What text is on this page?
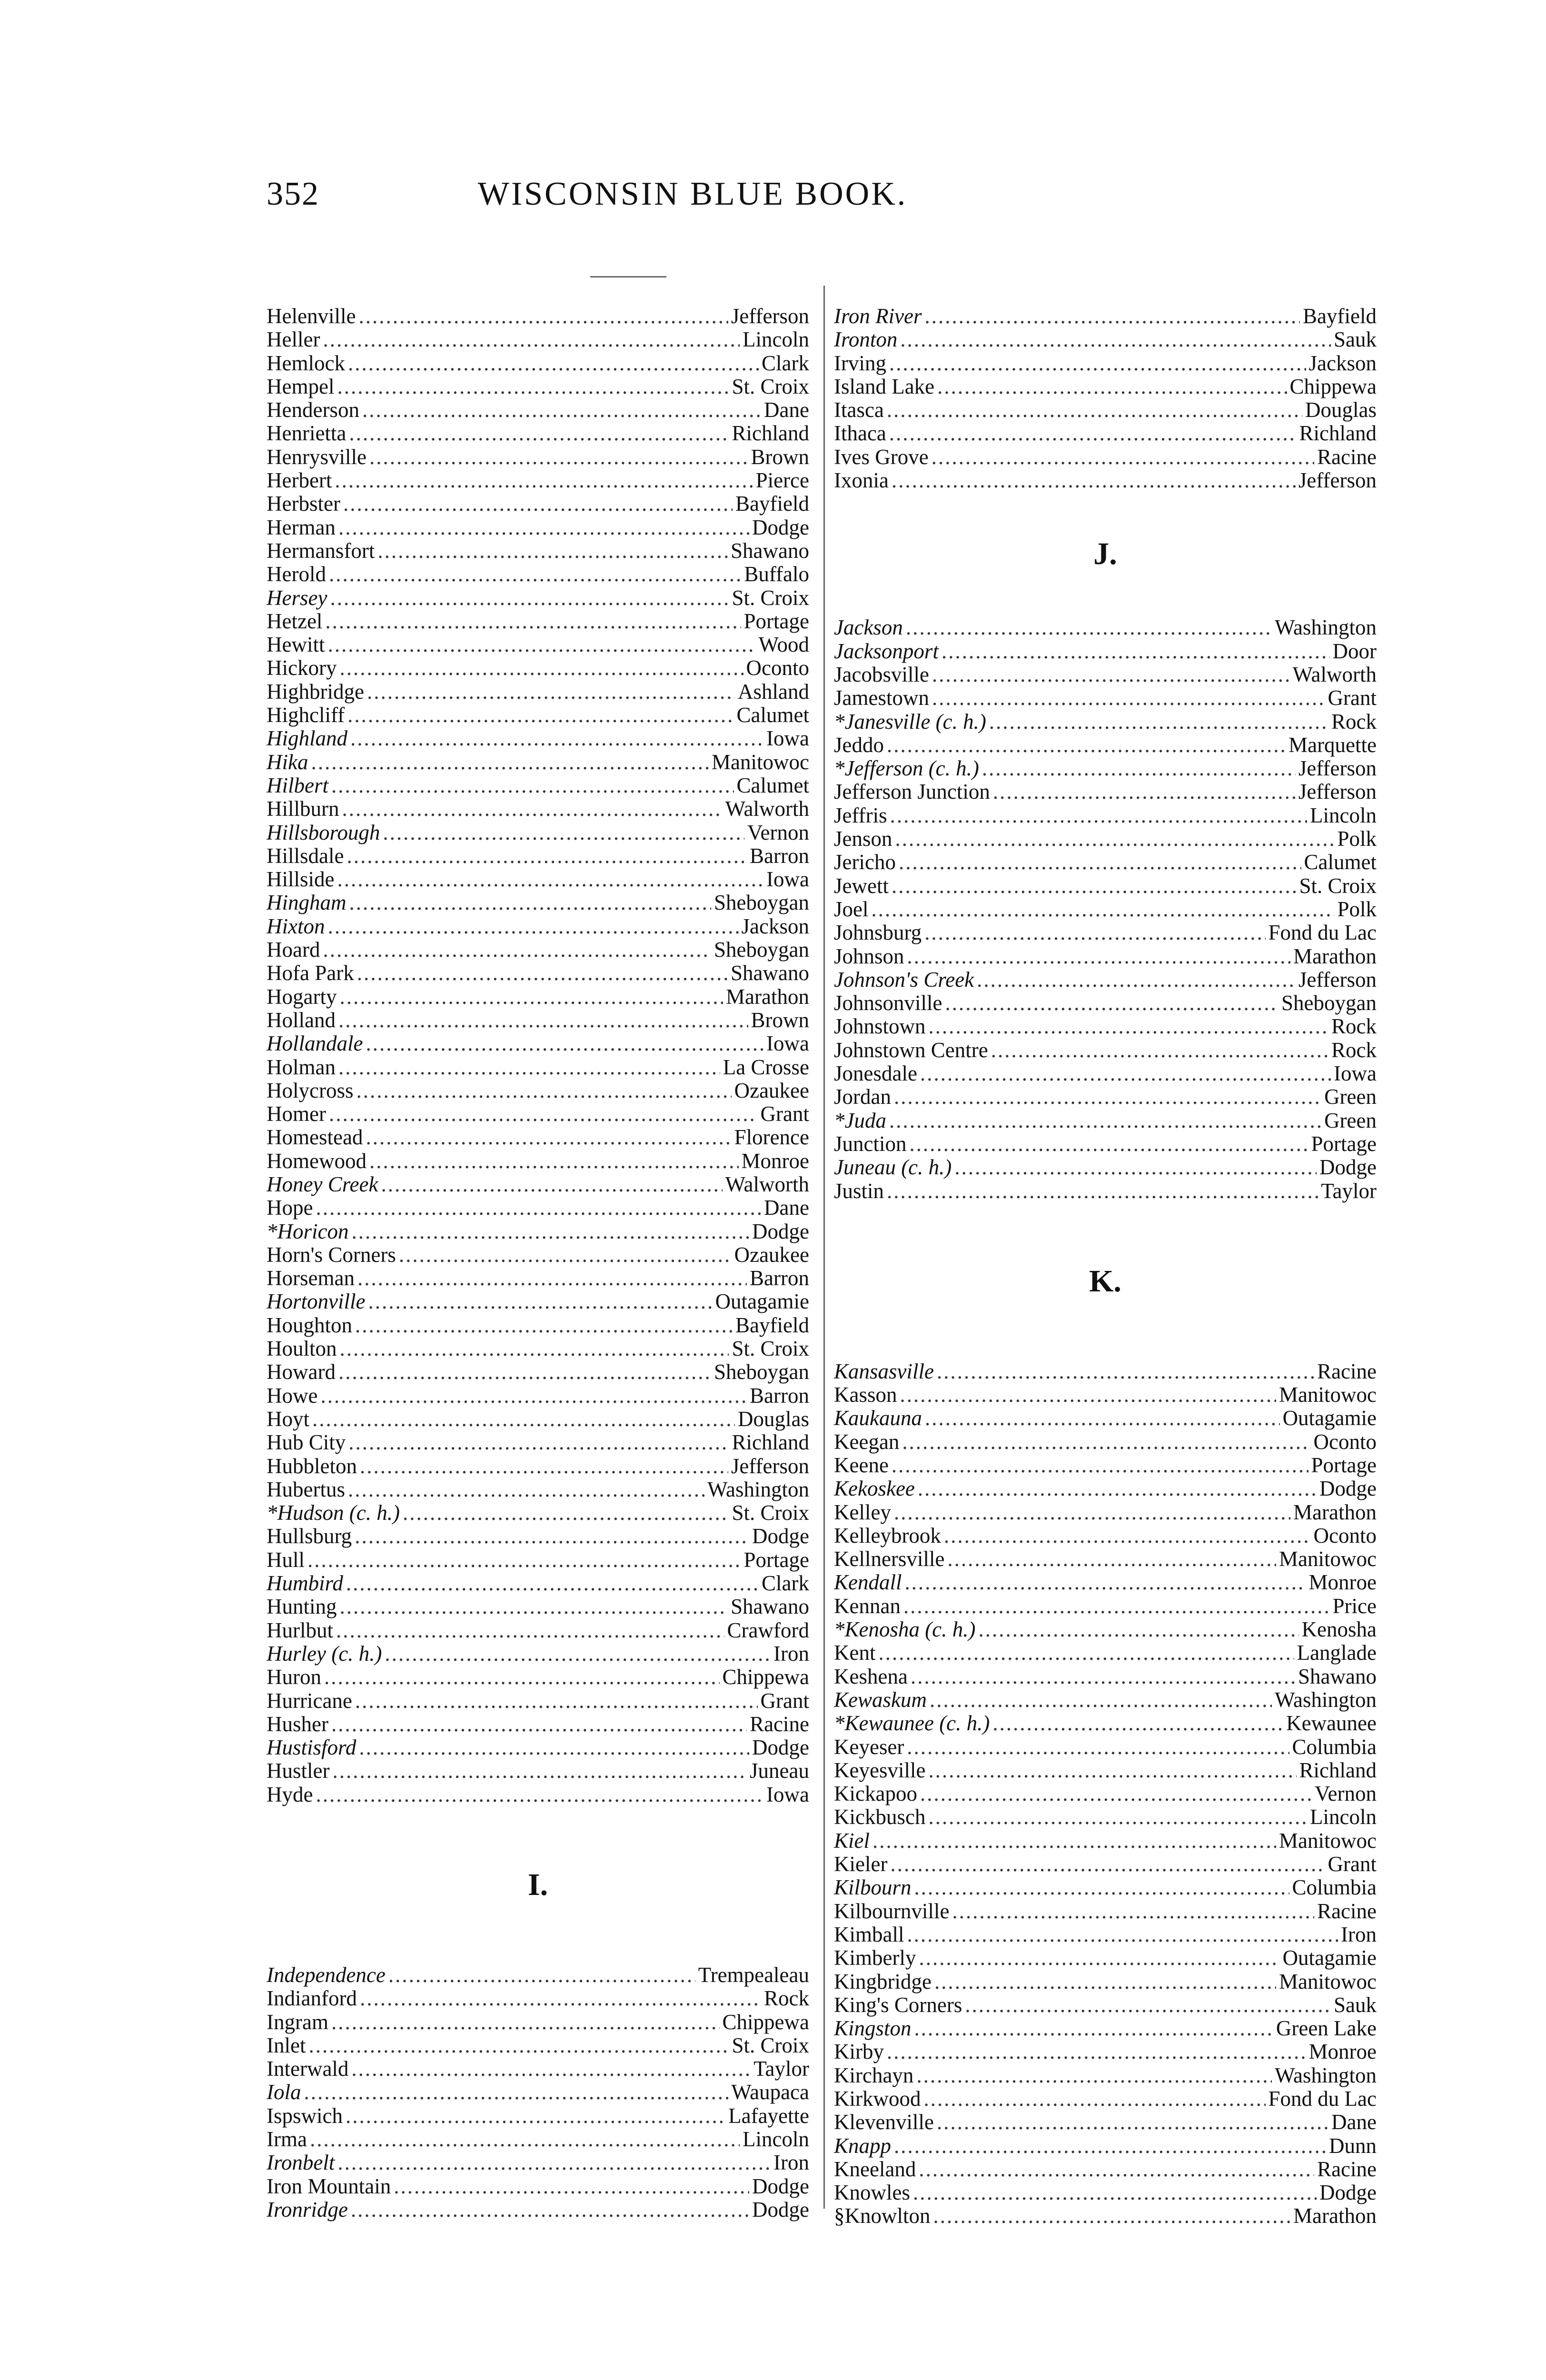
352	WISCONSIN BLUE BOOK.
Helenville .....	Jefferson
Heller .....	Lincoln
Hemlock .....	Clark
Hempel .....	St. Croix
Henderson .....	Dane
Henrietta .....	Richland
Henrysville .....	Brown
Herbert .....	Pierce
Herbster .....	Bayfield
Herman .....	Dodge
Hermansfort .....	Shawano
Herold .....	Buffalo
Hersey .....	St. Croix
Hetzel .....	Portage
Hewitt .....	Wood
Hickory .....	Oconto
Highbridge .....	Ashland
Highcliff .....	Calumet
Highland .....	Iowa
Hika .....	Manitowoc
Hilbert .....	Calumet
Hillburn .....	Walworth
Hillsborough .....	Vernon
Hillsdale .....	Barron
Hillside .....	Iowa
Hingham .....	Sheboygan
Hixton .....	Jackson
Hoard .....	Sheboygan
Hofa Park .....	Shawano
Hogarty .....	Marathon
Holland .....	Brown
Hollandale .....	Iowa
Holman .....	La Crosse
Holycross .....	Ozaukee
Homer .....	Grant
Homestead .....	Florence
Homewood .....	Monroe
Honey Creek .....	Walworth
Hope .....	Dane
*Horicon .....	Dodge
Horn's Corners .....	Ozaukee
Horseman .....	Barron
Hortonville .....	Outagamie
Houghton .....	Bayfield
Houlton .....	St. Croix
Howard .....	Sheboygan
Howe .....	Barron
Hoyt .....	Douglas
Hub City .....	Richland
Hubbleton .....	Jefferson
Hubertus .....	Washington
*Hudson (c. h.) .....	St. Croix
Hullsburg .....	Dodge
Hull .....	Portage
Humbird .....	Clark
Hunting .....	Shawano
Hurlbut .....	Crawford
Hurley (c. h.) .....	Iron
Huron .....	Chippewa
Hurricane .....	Grant
Husher .....	Racine
Hustisford .....	Dodge
Hustler .....	Juneau
Hyde .....	Iowa
I.
Independence .....	Trempealeau
Indianford .....	Rock
Ingram .....	Chippewa
Inlet .....	St. Croix
Interwald .....	Taylor
Iola .....	Waupaca
Ispswich .....	Lafayette
Irma .....	Lincoln
Ironbelt .....	Iron
Iron Mountain .....	Dodge
Ironridge .....	Dodge
Iron River .....	Bayfield
Ironton .....	Sauk
Irving .....	Jackson
Island Lake .....	Chippewa
Itasca .....	Douglas
Ithaca .....	Richland
Ives Grove .....	Racine
Ixonia .....	Jefferson
J.
Jackson .....	Washington
Jacksonport .....	Door
Jacobsville .....	Walworth
Jamestown .....	Grant
*Janesville (c. h.) .....	Rock
Jeddo .....	Marquette
*Jefferson (c. h.) .....	Jefferson
Jefferson Junction .....	Jefferson
Jeffris .....	Lincoln
Jenson .....	Polk
Jericho .....	Calumet
Jewett .....	St. Croix
Joel .....	Polk
Johnsburg .....	Fond du Lac
Johnson .....	Marathon
Johnson's Creek .....	Jefferson
Johnsonville .....	Sheboygan
Johnstown .....	Rock
Johnstown Centre .....	Rock
Jonesdale .....	Iowa
Jordan .....	Green
*Juda .....	Green
Junction .....	Portage
Juneau (c. h.) .....	Dodge
Justin .....	Taylor
K.
Kansasville .....	Racine
Kasson .....	Manitowoc
Kaukauna .....	Outagamie
Keegan .....	Oconto
Keene .....	Portage
Kekoskee .....	Dodge
Kelley .....	Marathon
Kelleybrook .....	Oconto
Kellnersville .....	Manitowoc
Kendall .....	Monroe
Kennan .....	Price
*Kenosha (c. h.) .....	Kenosha
Kent .....	Langlade
Keshena .....	Shawano
Kewaskum .....	Washington
*Kewaunee (c. h.) .....	Kewaunee
Keyeser .....	Columbia
Keyesville .....	Richland
Kickapoo .....	Vernon
Kickbusch .....	Lincoln
Kiel .....	Manitowoc
Kieler .....	Grant
Kilbourn .....	Columbia
Kilbournville .....	Racine
Kimball .....	Iron
Kimberly .....	Outagamie
Kingbridge .....	Manitowoc
King's Corners .....	Sauk
Kingston .....	Green Lake
Kirby .....	Monroe
Kirchayn .....	Washington
Kirkwood .....	Fond du Lac
Klevenville .....	Dane
Knapp .....	Dunn
Kneeland .....	Racine
Knowles .....	Dodge
§Knowlton .....	Marathon
